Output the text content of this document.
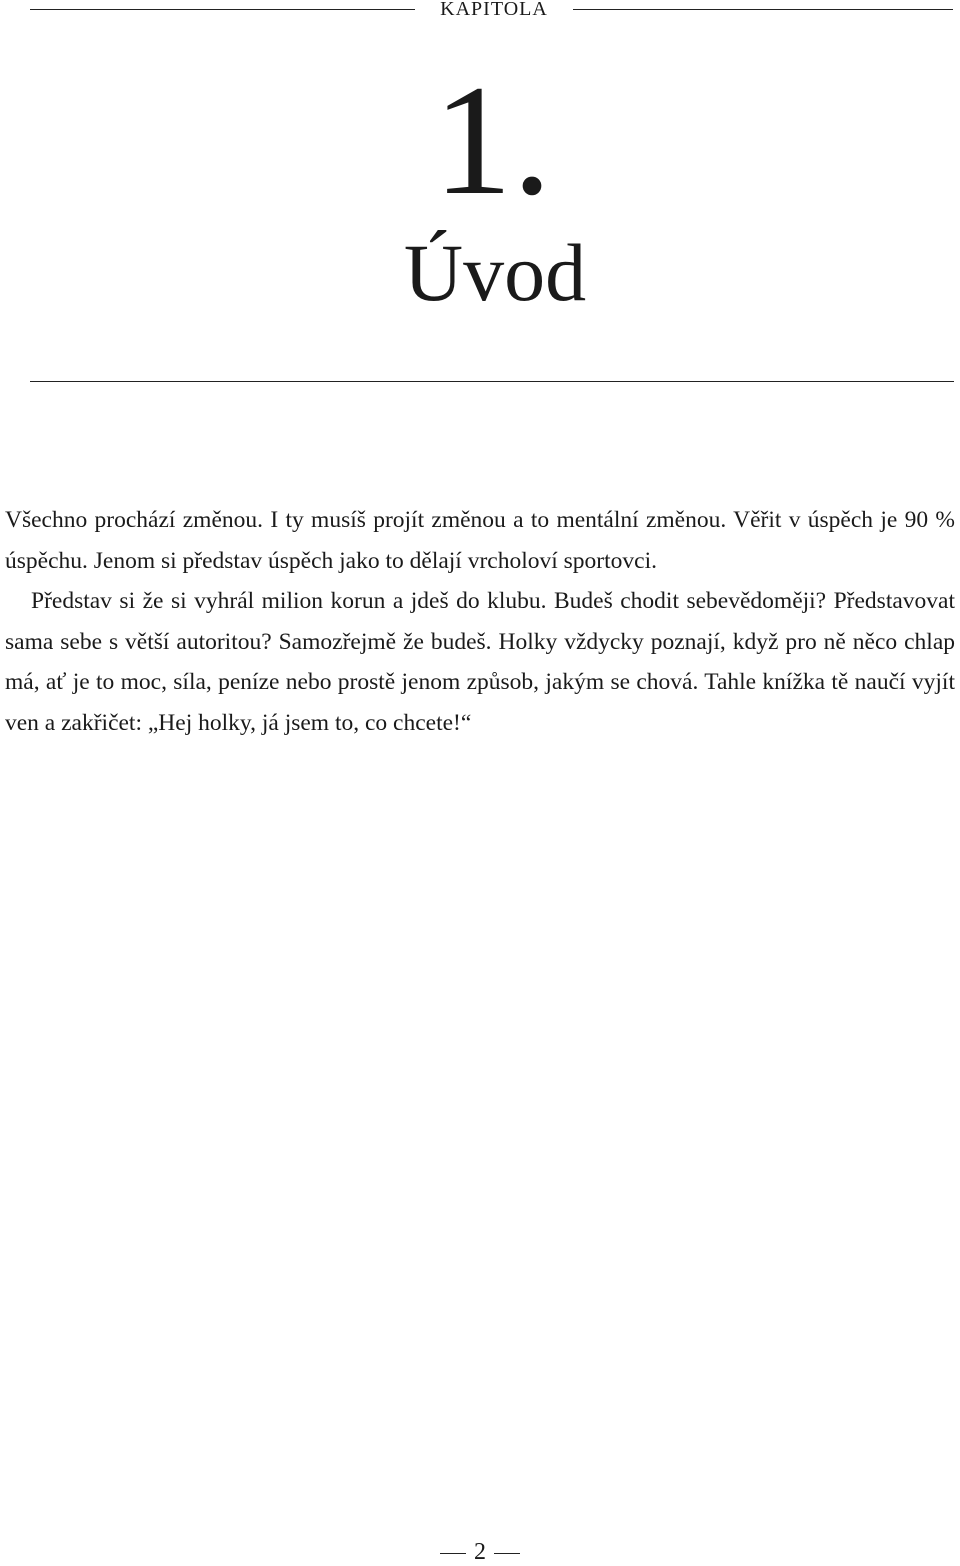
KAPITOLA
1.
Úvod

Všechno prochází změnou. I ty musíš projít změnou a to mentální změnou. Věřit v úspěch je 90 % úspěchu. Jenom si představ úspěch jako to dělají vrcholoví sportovci.

Představ si že si vyhrál milion korun a jdeš do klubu. Budeš chodit sebevědoměji? Představovat sama sebe s větší autoritou? Samozřejmě že budeš. Holky vždycky poznají, když pro ně něco chlap má, ať je to moc, síla, peníze nebo prostě jenom způsob, jakým se chová. Tahle knížka tě naučí vyjít ven a zakřičet: „Hej holky, já jsem to, co chcete!“

2
